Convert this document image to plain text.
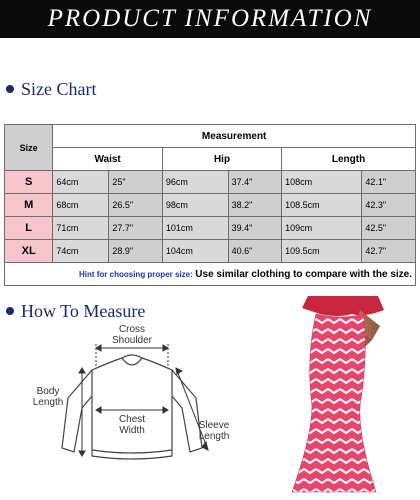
PRODUCT INFORMATION
Size Chart
Size	Measurement					
	Waist		Hip		Length	
S	64cm	25"	96cm	37.4"	108cm	42.1"
M	68cm	26.5"	98cm	38.2"	108.5cm	42.3"
L	71cm	27.7"	101cm	39.4"	109cm	42.5"
XL	74cm	28.9"	104cm	40.6"	109.5cm	42.7"
Hint for choosing proper size: Use similar clothing to compare with the size.						
How To Measure
Cross
Shoulder
Body
Length
Chest
Width	Sleeve
Length
